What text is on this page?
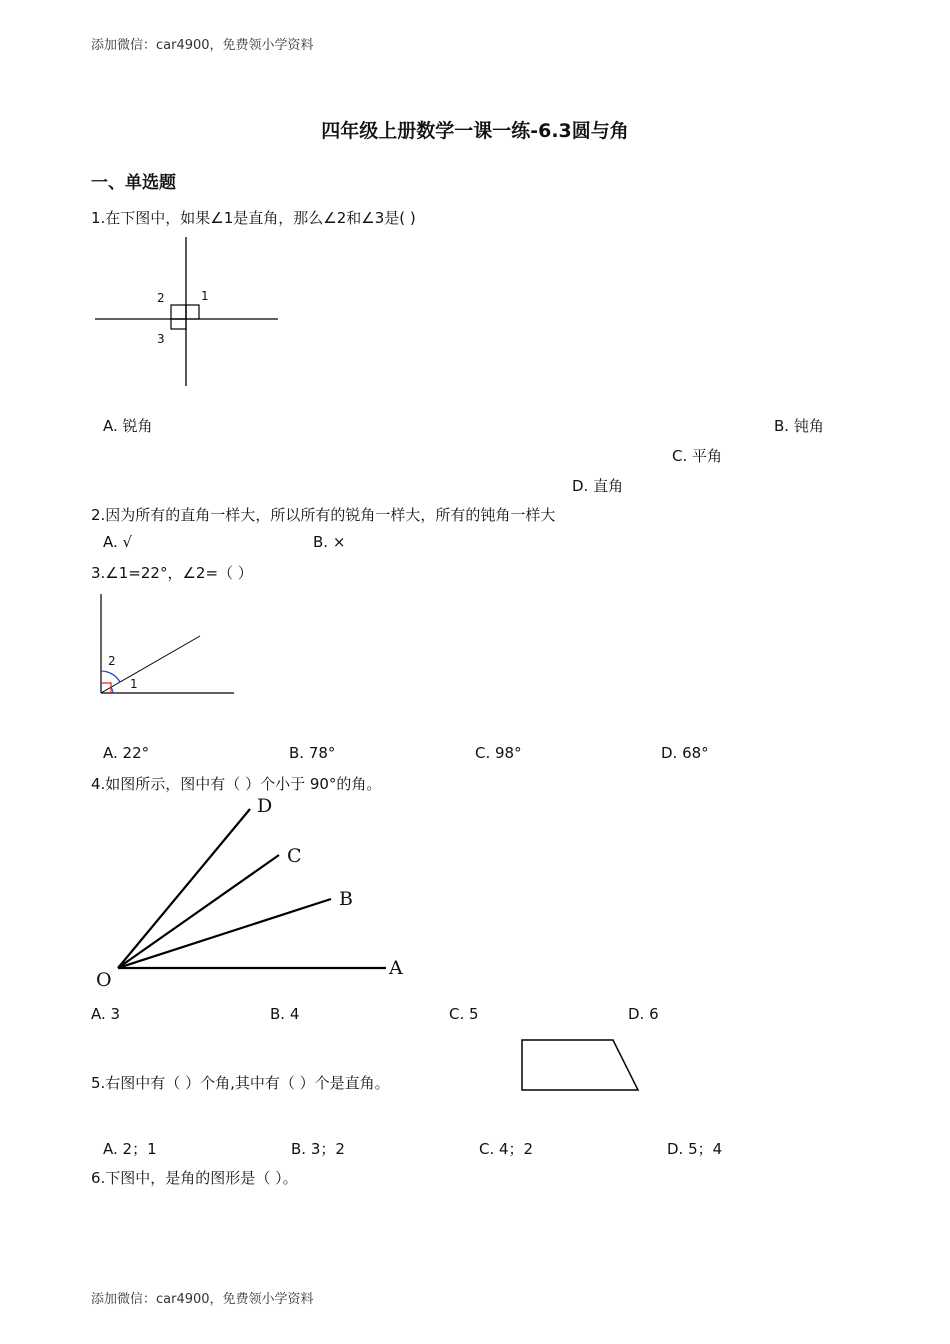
添加微信：car4900，免费领小学资料
添加微信：car4900，免费领小学资料
四年级上册数学一课一练-6.3圆与角
一、单选题
1.在下图中，如果∠1是直角，那么∠2和∠3是( )
1
2
3
A. 锐角	B. 钝角
C. 平角
D. 直角
2.因为所有的直角一样大，所以所有的锐角一样大，所有的钝角一样大
A. √	B. ×
3.∠1=22°，∠2=（ ）
2
1
A. 22°	B. 78°	C. 98°	D. 68°
4.如图所示，图中有（ ）个小于 90°的角。
O
A
B
C
D
A. 3	B. 4	C. 5	D. 6
5.右图中有（ ）个角,其中有（ ）个是直角。
A. 2；1	B. 3；2	C. 4；2	D. 5；4
6.下图中，是角的图形是（ ）。
